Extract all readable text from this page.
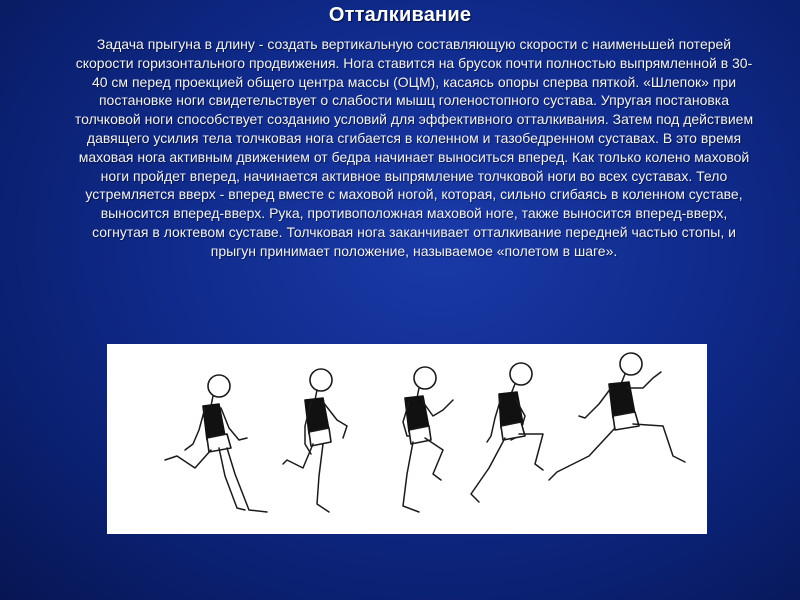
Отталкивание

Задача прыгуна в длину - создать вертикальную составляющую скорости с наименьшей потерей скорости горизонтального продвижения. Нога ставится на брусок почти полностью выпрямленной в 30-40 см перед проекцией общего центра массы (ОЦМ), касаясь опоры сперва пяткой. «Шлепок» при постановке ноги свидетельствует о слабости мышц голеностопного сустава. Упругая постановка толчковой ноги способствует созданию условий для эффективного отталкивания. Затем под действием давящего усилия тела толчковая нога сгибается в коленном и тазобедренном суставах. В это время маховая нога активным движением от бедра начинает выноситься вперед. Как только колено маховой ноги пройдет вперед, начинается активное выпрямление толчковой ноги во всех суставах. Тело устремляется вверх - вперед вместе с маховой ногой, которая, сильно сгибаясь в коленном суставе, выносится вперед-вверх. Рука, противоположная маховой ноге, также выносится вперед-вверх, согнутая в локтевом суставе. Толчковая нога заканчивает отталкивание передней частью стопы, и прыгун принимает положение, называемое «полетом в шаге».
